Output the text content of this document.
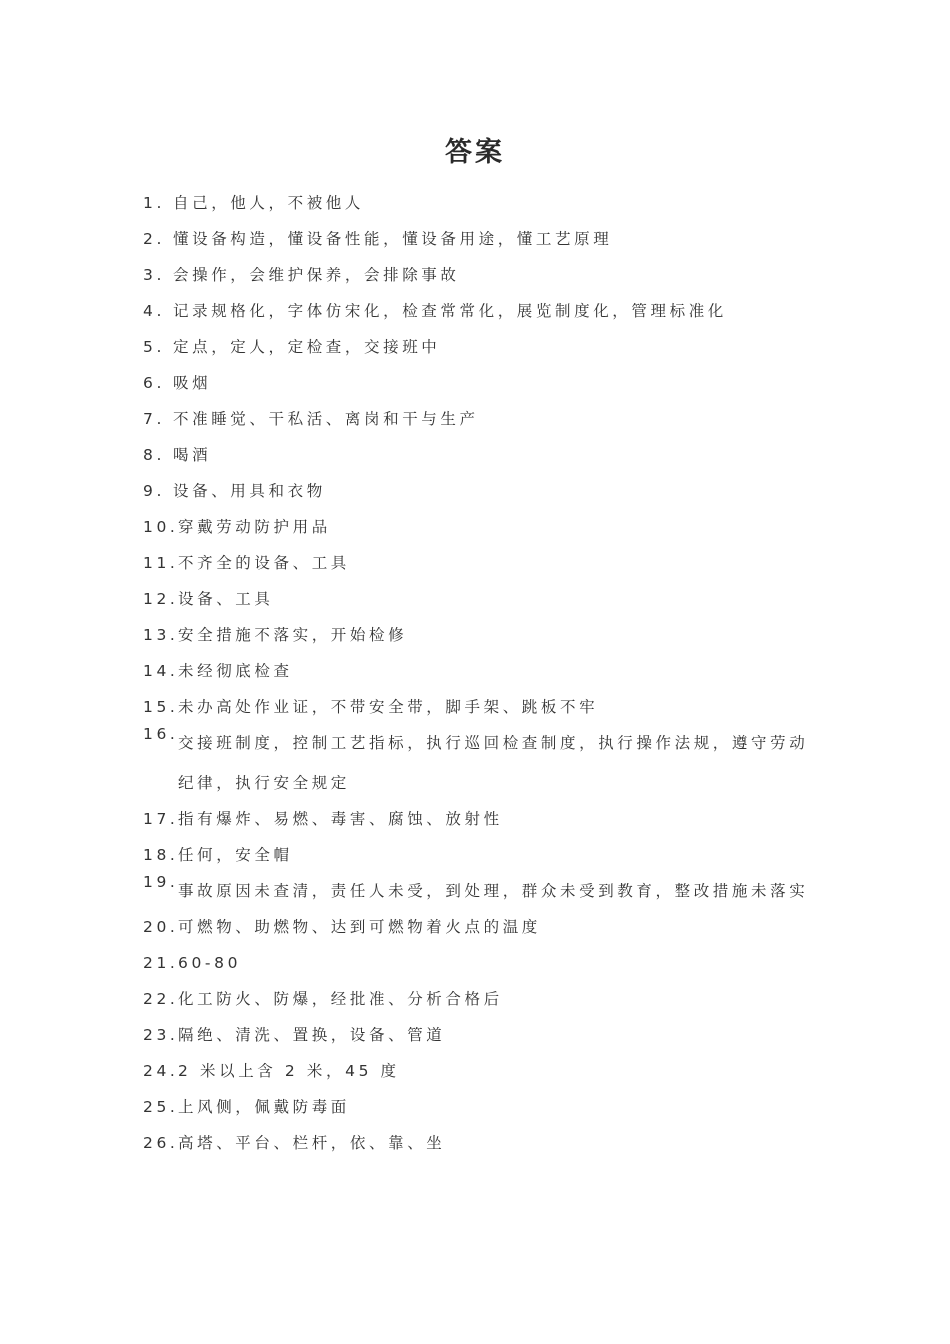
答案
1. 自己，他人，不被他人
2. 懂设备构造，懂设备性能，懂设备用途，懂工艺原理
3. 会操作，会维护保养，会排除事故
4. 记录规格化，字体仿宋化，检查常常化，展览制度化，管理标准化
5. 定点，定人，定检查，交接班中
6. 吸烟
7. 不准睡觉、干私活、离岗和干与生产
8. 喝酒
9. 设备、用具和衣物
10. 穿戴劳动防护用品
11. 不齐全的设备、工具
12. 设备、工具
13. 安全措施不落实，开始检修
14. 未经彻底检查
15. 未办高处作业证，不带安全带，脚手架、跳板不牢
16. 交接班制度，控制工艺指标，执行巡回检查制度，执行操作法规，遵守劳动纪律，执行安全规定
17. 指有爆炸、易燃、毒害、腐蚀、放射性
18. 任何，安全帽
19. 事故原因未查清，责任人未受，到处理，群众未受到教育，整改措施未落实
20. 可燃物、助燃物、达到可燃物着火点的温度
21. 60-80
22. 化工防火、防爆，经批准、分析合格后
23. 隔绝、清洗、置换，设备、管道
24. 2 米以上含 2 米，45 度
25. 上风侧，佩戴防毒面
26. 高塔、平台、栏杆，依、靠、坐
